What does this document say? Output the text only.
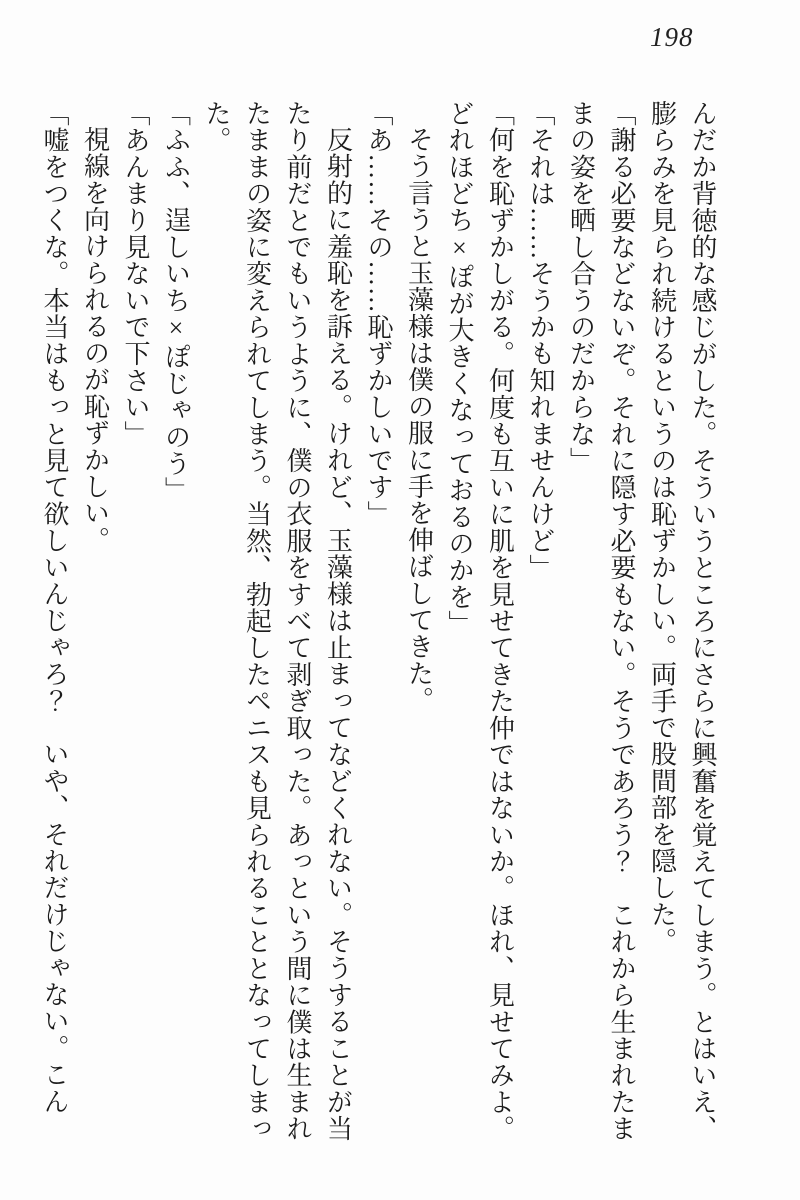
198

んだか背徳的な感じがした。そういうところにさらに興奮を覚えてしまう。とはいえ、膨らみを見られ続けるというのは恥ずかしい。両手で股間部を隠した。

「謝る必要などないぞ。それに隠す必要もない。そうであろう？　これから生まれたままの姿を晒し合うのだからな」

「それは……そうかも知れませんけど」

「何を恥ずかしがる。何度も互いに肌を見せてきた仲ではないか。ほれ、見せてみよ。どれほどち×ぽが大きくなっておるのかを」

そう言うと玉藻様は僕の服に手を伸ばしてきた。

「あ……その……恥ずかしいです」

反射的に羞恥を訴える。けれど、玉藻様は止まってなどくれない。そうすることが当たり前だとでもいうように、僕の衣服をすべて剥ぎ取った。あっという間に僕は生まれたままの姿に変えられてしまう。当然、勃起したペニスも見られることとなってしまった。

「ふふ、逞しいち×ぽじゃのう」

「あんまり見ないで下さい」

視線を向けられるのが恥ずかしい。

「嘘をつくな。本当はもっと見て欲しいんじゃろ？　いや、それだけじゃない。こん
